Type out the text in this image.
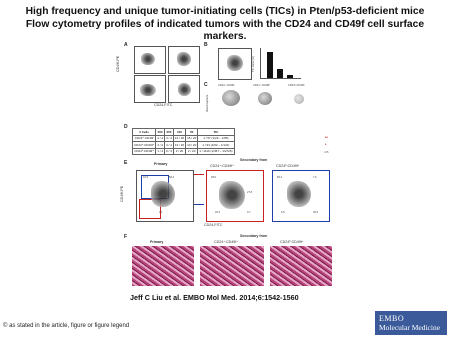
High frequency and unique tumor-initiating cells (TICs) in Pten/p53-deficient mice Flow cytometry profiles of indicated tumors with the CD24 and CD49f cell surface markers.
A
CD49f-PE
CD24-FITC
B
TIC Ratio (%)
C	CD24⁺:CD49f⁺	CD24⁺:CD49fʰ	CD24ʰ:CD49fʰ
Mammosphere
D
# Cells	500	250	100	50	TIC
CD24⁺:CD49f	4 / 4	4 / 4	14 / 20	15 / 20	1 / 57 (1/29 – 1/85)
CD24⁺:CD49f⁺	4 / 4	4 / 4	13 / 20	10 / 20	1 / 93 (1/62 – 1/141)
CD24ʰ:CD49f⁺	1 / 4	0 / 4	2 / 20	2 / 20	1 / 1116 (1/457 – 1/2726)
**
*
n=5
E	Primary
Secondary from
CD24⁺:CD49f⁺	CD24ʰ:CD49f⁺
CD49f-PE
58.4
10.5
2.1
28.0
27.8
26.3	0.7
56.2	7.6
6.5	35.6
CD24-FITC
F	Secondary from
Primary	CD24⁺:CD49f⁺	CD24ʰ:CD49f⁺
Jeff C Liu et al. EMBO Mol Med. 2014;6:1542-1560
© as stated in the article, figure or figure legend
EMBO
Molecular Medicine
